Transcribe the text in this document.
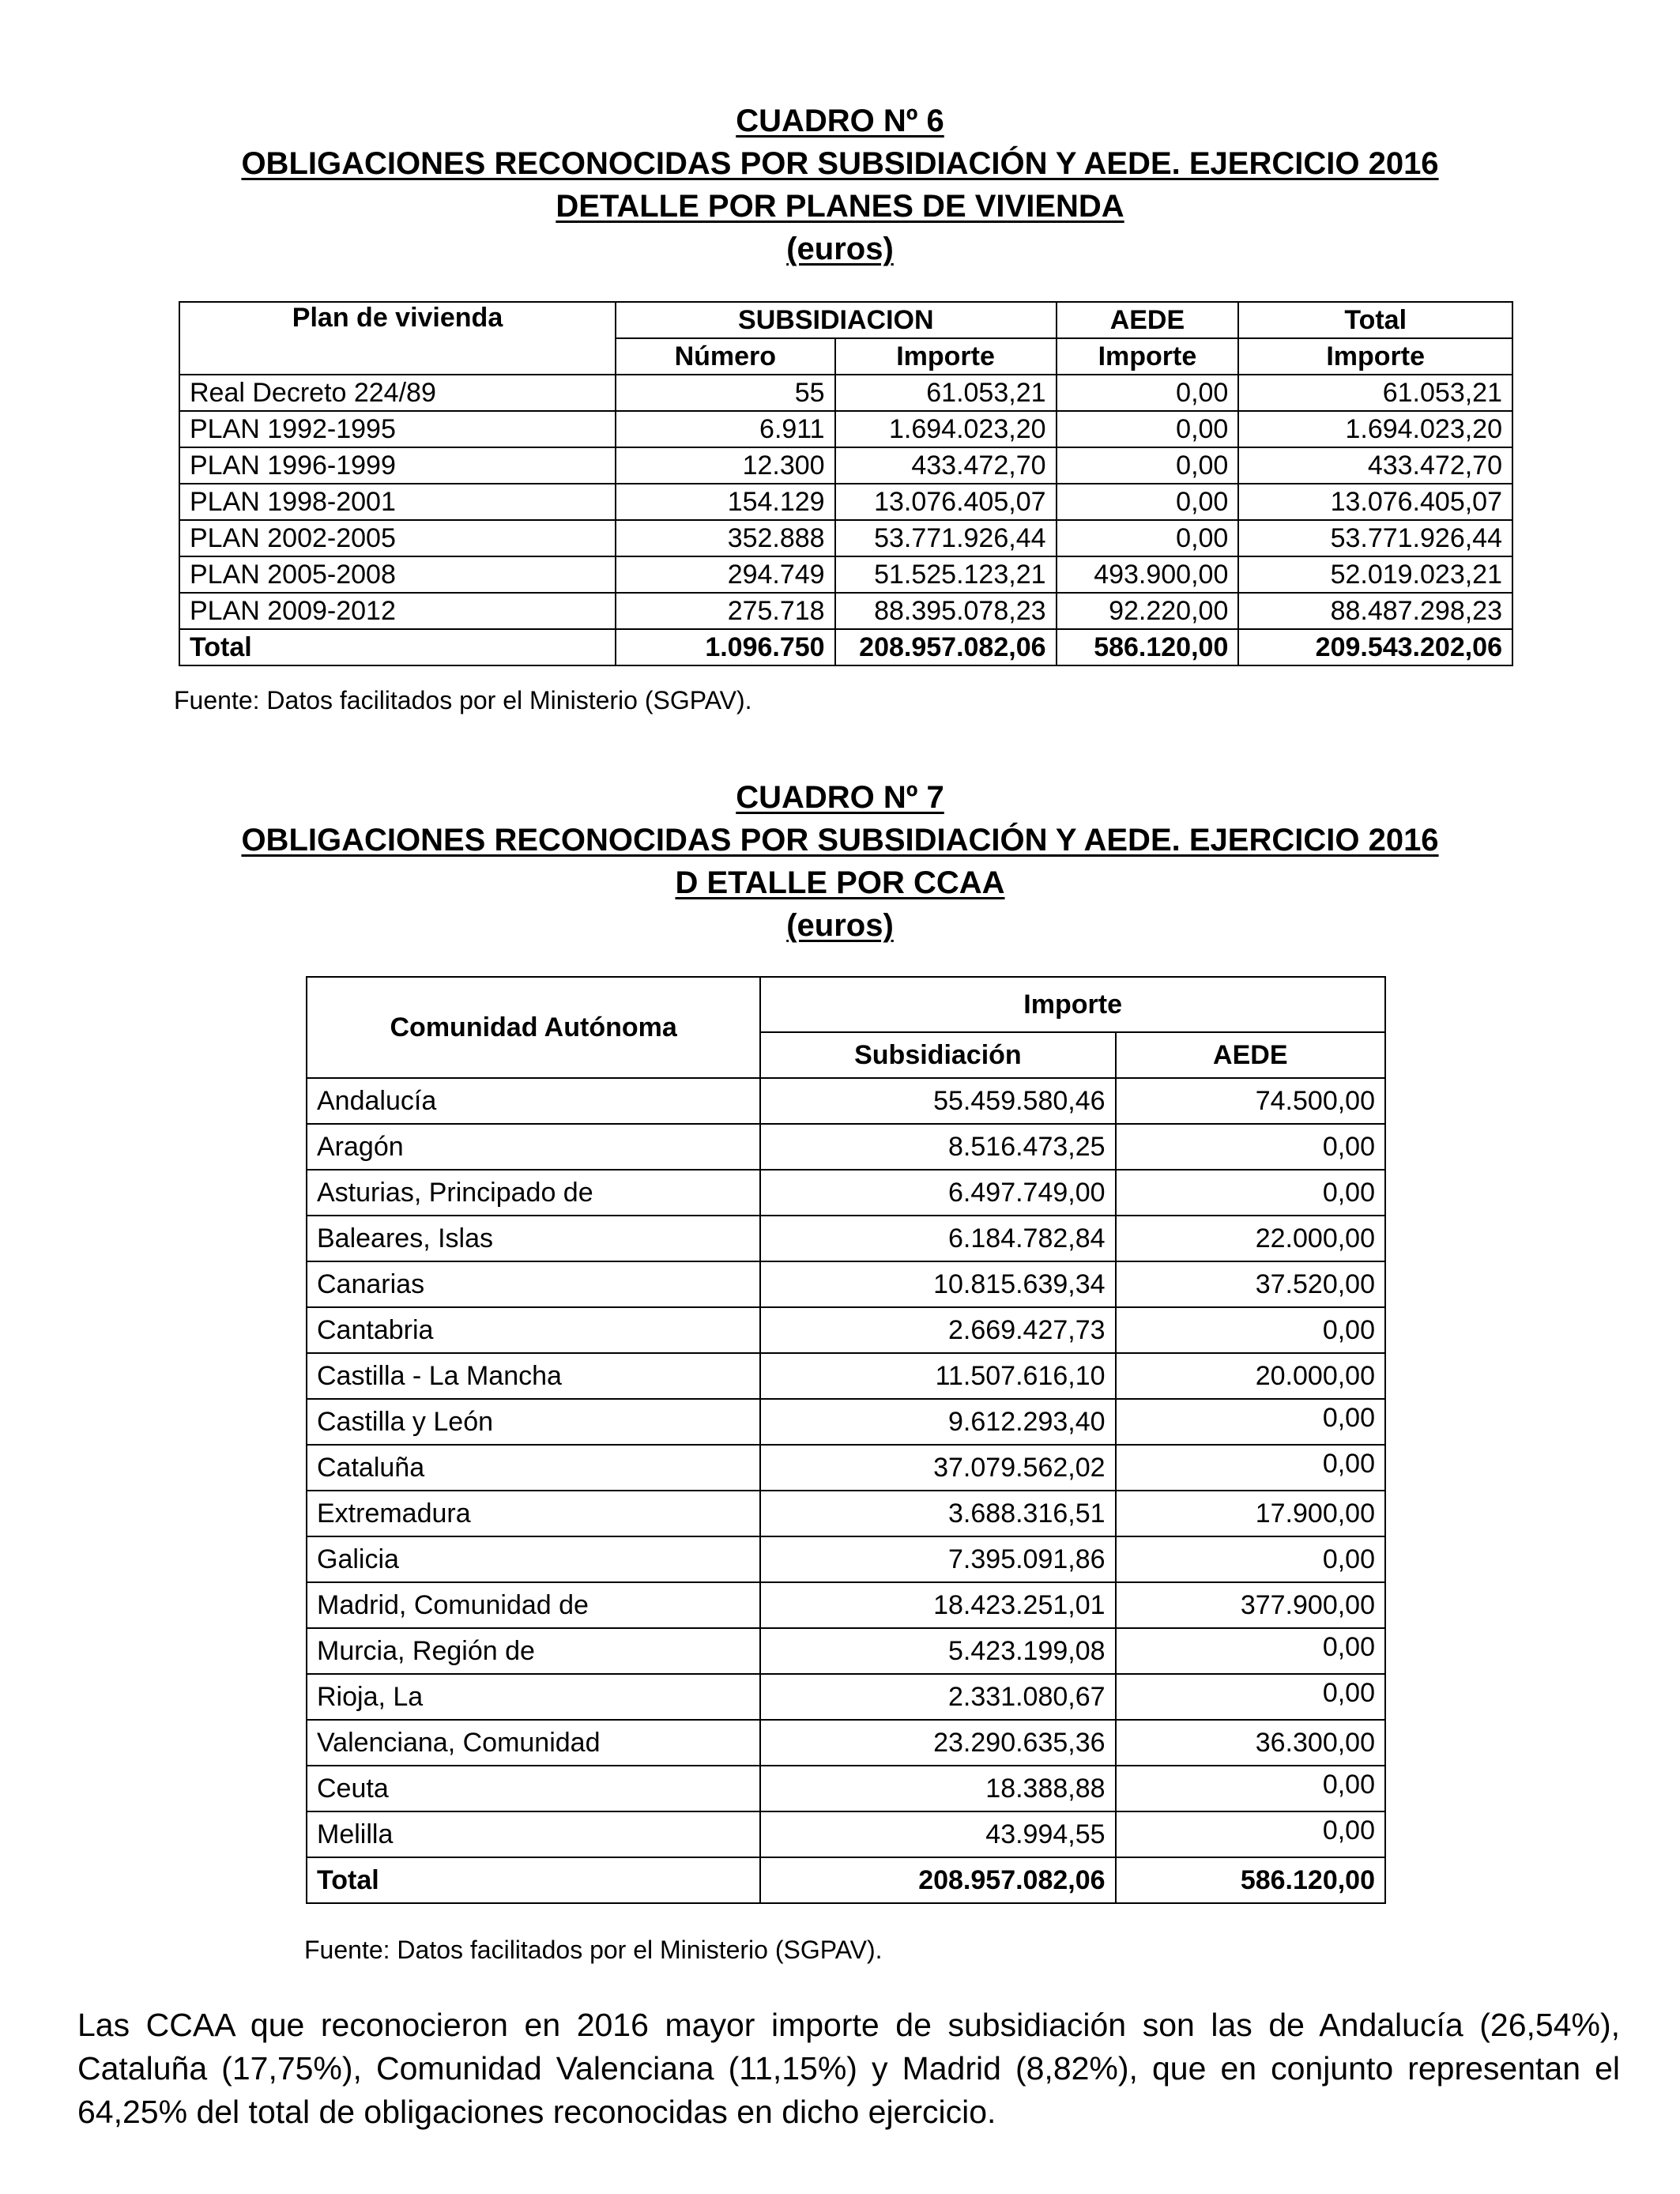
CUADRO Nº 6
OBLIGACIONES RECONOCIDAS POR SUBSIDIACIÓN Y AEDE. EJERCICIO 2016
DETALLE POR PLANES DE VIVIENDA
(euros)
Plan de vivienda	SUBSIDIACION		AEDE	Total
	Número	Importe	Importe	Importe
Real Decreto 224/89	55	61.053,21	0,00	61.053,21
PLAN 1992-1995	6.911	1.694.023,20	0,00	1.694.023,20
PLAN 1996-1999	12.300	433.472,70	0,00	433.472,70
PLAN 1998-2001	154.129	13.076.405,07	0,00	13.076.405,07
PLAN 2002-2005	352.888	53.771.926,44	0,00	53.771.926,44
PLAN 2005-2008	294.749	51.525.123,21	493.900,00	52.019.023,21
PLAN 2009-2012	275.718	88.395.078,23	92.220,00	88.487.298,23
Total	1.096.750	208.957.082,06	586.120,00	209.543.202,06
Fuente: Datos facilitados por el Ministerio (SGPAV).
CUADRO Nº 7
OBLIGACIONES RECONOCIDAS POR SUBSIDIACIÓN Y AEDE. EJERCICIO 2016
D ETALLE POR CCAA
(euros)
Comunidad Autónoma	Importe	
	Subsidiación	AEDE
Andalucía	55.459.580,46	74.500,00
Aragón	8.516.473,25	0,00
Asturias, Principado de	6.497.749,00	0,00
Baleares, Islas	6.184.782,84	22.000,00
Canarias	10.815.639,34	37.520,00
Cantabria	2.669.427,73	0,00
Castilla - La Mancha	11.507.616,10	20.000,00
Castilla y León	9.612.293,40	0,00
Cataluña	37.079.562,02	0,00
Extremadura	3.688.316,51	17.900,00
Galicia	7.395.091,86	0,00
Madrid, Comunidad de	18.423.251,01	377.900,00
Murcia, Región de	5.423.199,08	0,00
Rioja, La	2.331.080,67	0,00
Valenciana, Comunidad	23.290.635,36	36.300,00
Ceuta	18.388,88	0,00
Melilla	43.994,55	0,00
Total	208.957.082,06	586.120,00
Fuente: Datos facilitados por el Ministerio (SGPAV).
Las CCAA que reconocieron en 2016 mayor importe de subsidiación son las de Andalucía (26,54%), Cataluña (17,75%), Comunidad Valenciana (11,15%) y Madrid (8,82%), que en conjunto representan el 64,25% del total de obligaciones reconocidas en dicho ejercicio.
